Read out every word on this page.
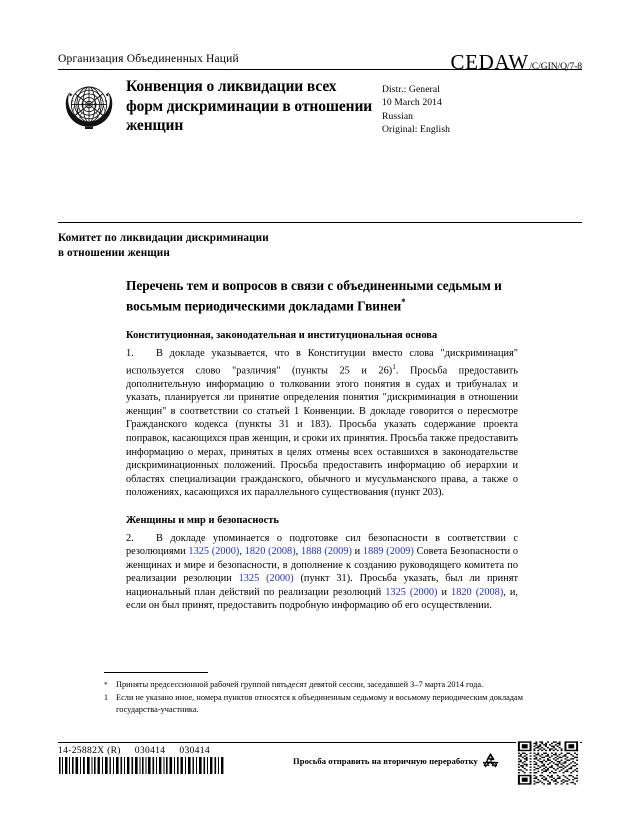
Организация Объединенных Наций	CEDAW /C/GIN/Q/7-8
Конвенция о ликвидации всех форм дискриминации в отношении женщин
Distr.: General
10 March 2014
Russian
Original: English
Комитет по ликвидации дискриминации
в отношении женщин
Перечень тем и вопросов в связи с объединенными седьмым и восьмым периодическими докладами Гвинеи*
Конституционная, законодательная и институциональная основа

1. В докладе указывается, что в Конституции вместо слова "дискриминация" используется слово "различия" (пункты 25 и 26)$^1$. Просьба предоставить дополнительную информацию о толковании этого понятия в судах и трибуналах и указать, планируется ли принятие определения понятия "дискриминация в отношении женщин" в соответствии со статьей 1 Конвенции. В докладе говорится о пересмотре Гражданского кодекса (пункты 31 и 183). Просьба указать содержание проекта поправок, касающихся прав женщин, и сроки их принятия. Просьба также предоставить информацию о мерах, принятых в целях отмены всех оставшихся в законодательстве дискриминационных положений. Просьба предоставить информацию об иерархии и областях специализации гражданского, обычного и мусульманского права, а также о положениях, касающихся их параллельного существования (пункт 203).

Женщины и мир и безопасность

2. В докладе упоминается о подготовке сил безопасности в соответствии с резолюциями 1325 (2000), 1820 (2008), 1888 (2009) и 1889 (2009) Совета Безопасности о женщинах и мире и безопасности, в дополнение к созданию руководящего комитета по реализации резолюции 1325 (2000) (пункт 31). Просьба указать, был ли принят национальный план действий по реализации резолюций 1325 (2000) и 1820 (2008), и, если он был принят, предоставить подробную информацию об его осуществлении.

* Приняты предсессионной рабочей группой пятьдесят девятой сессии, заседавшей 3–7 марта 2014 года.
1 Если не указано иное, номера пунктов относятся к объединенным седьмому и восьмому периодическим докладам государства-участника.
14-25882X (R) 030414 030414
Просьба отправить на вторичную переработку
